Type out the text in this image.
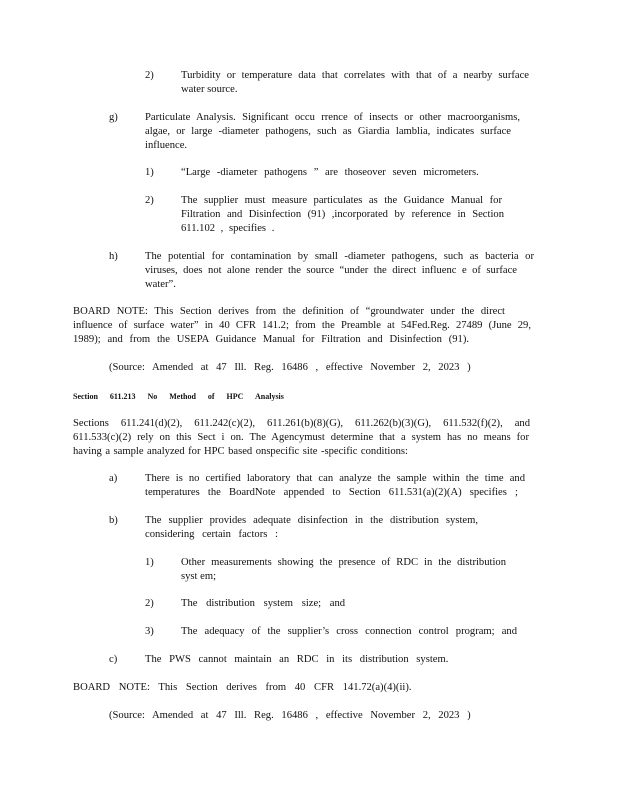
2)	Turbidity or temperature data that correlates with that of a nearby surface
water source.
g)	Particulate Analysis. Significant occu rrence of insects or other macroorganisms,
algae, or large -diameter pathogens, such as Giardia lamblia, indicates surface
influence.
1)	“Large -diameter pathogens ” are thoseover seven micrometers.
2)	The supplier must measure particulates as the Guidance Manual for
Filtration and Disinfection (91) ,incorporated by reference in Section
611.102 , specifies .
h)	The potential for contamination by small -diameter pathogens, such as bacteria or
viruses, does not alone render the source “under the direct influenc e of surface
water”.
BOARD NOTE: This Section derives from the definition of “groundwater under the direct
influence of surface water” in 40 CFR 141.2; from the Preamble at 54Fed.Reg. 27489 (June 29,
1989); and from the USEPA Guidance Manual for Filtration and Disinfection (91).
(Source: Amended at 47 Ill. Reg. 16486 , effective November 2, 2023 )
Section 611.213 No Method of HPC Analysis
Sections 611.241(d)(2), 611.242(c)(2), 611.261(b)(8)(G), 611.262(b)(3)(G), 611.532(f)(2), and
611.533(c)(2) rely on this Sect i on. The Agencymust determine that a system has no means for
having a sample analyzed for HPC based onspecific site -specific conditions:
a)	There is no certified laboratory that can analyze the sample within the time and
temperatures the BoardNote appended to Section 611.531(a)(2)(A) specifies ;
b)	The supplier provides adequate disinfection in the distribution system,
considering certain factors :
1)	Other measurements showing the presence of RDC in the distribution
syst em;
2)	The distribution system size; and
3)	The adequacy of the supplier’s cross connection control program; and
c)	The PWS cannot maintain an RDC in its distribution system.
BOARD NOTE: This Section derives from 40 CFR 141.72(a)(4)(ii).
(Source: Amended at 47 Ill. Reg. 16486 , effective November 2, 2023 )
